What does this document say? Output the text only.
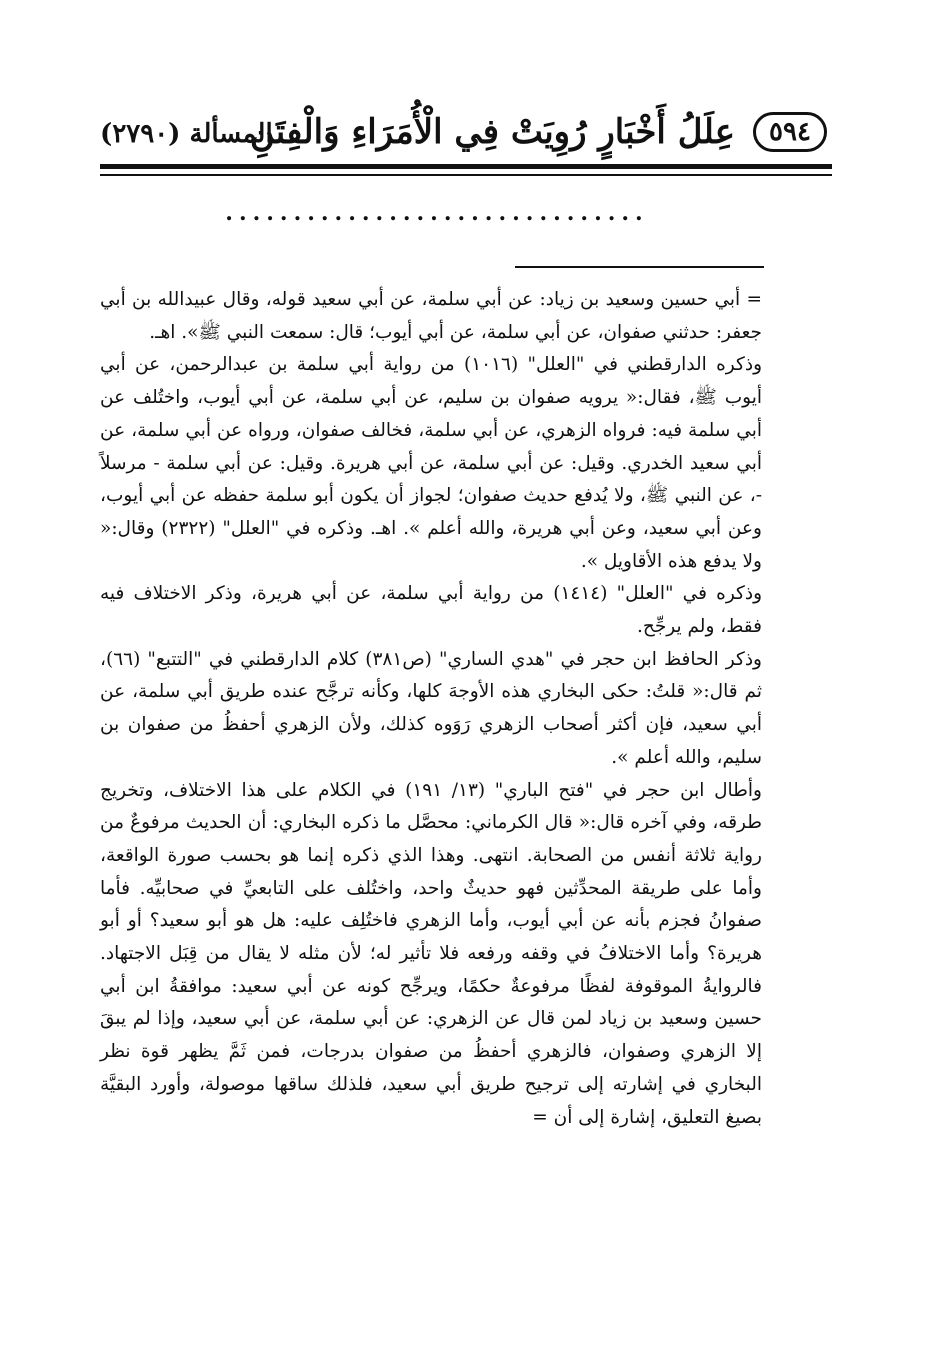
٥٩٤
عِلَلُ أَخْبَارٍ رُوِيَتْ فِي الْأُمَرَاءِ وَالْفِتَنِ
المسألة (٢٧٩٠)
...............................

= أبي حسين وسعيد بن زياد: عن أبي سلمة، عن أبي سعيد قوله، وقال عبيدالله بن أبي جعفر: حدثني صفوان، عن أبي سلمة، عن أبي أيوب؛ قال: سمعت النبي ﷺ». اهـ.

وذكره الدارقطني في "العلل" (١٠١٦) من رواية أبي سلمة بن عبدالرحمن، عن أبي أيوب ﷺ، فقال:« يرويه صفوان بن سليم، عن أبي سلمة، عن أبي أيوب، واختُلف عن أبي سلمة فيه: فرواه الزهري، عن أبي سلمة، فخالف صفوان، ورواه عن أبي سلمة، عن أبي سعيد الخدري. وقيل: عن أبي سلمة، عن أبي هريرة. وقيل: عن أبي سلمة - مرسلاً -، عن النبي ﷺ، ولا يُدفع حديث صفوان؛ لجواز أن يكون أبو سلمة حفظه عن أبي أيوب، وعن أبي سعيد، وعن أبي هريرة، والله أعلم ». اهـ. وذكره في "العلل" (٢٣٢٢) وقال:« ولا يدفع هذه الأقاويل ».

وذكره في "العلل" (١٤١٤) من رواية أبي سلمة، عن أبي هريرة، وذكر الاختلاف فيه فقط، ولم يرجِّح.

وذكر الحافظ ابن حجر في "هدي الساري" (ص٣٨١) كلام الدارقطني في "التتبع" (٦٦)، ثم قال:« قلتُ: حكى البخاري هذه الأوجهَ كلها، وكأنه ترجَّح عنده طريق أبي سلمة، عن أبي سعيد، فإن أكثر أصحاب الزهري رَوَوه كذلك، ولأن الزهري أحفظُ من صفوان بن سليم، والله أعلم ».

وأطال ابن حجر في "فتح الباري" (١٣/ ١٩١) في الكلام على هذا الاختلاف، وتخريج طرقه، وفي آخره قال:« قال الكرماني: محصَّل ما ذكره البخاري: أن الحديث مرفوعٌ من رواية ثلاثة أنفس من الصحابة. انتهى. وهذا الذي ذكره إنما هو بحسب صورة الواقعة، وأما على طريقة المحدِّثين فهو حديثٌ واحد، واختُلف على التابعيِّ في صحابيِّه. فأما صفوانُ فجزم بأنه عن أبي أيوب، وأما الزهري فاختُلِف عليه: هل هو أبو سعيد؟ أو أبو هريرة؟ وأما الاختلافُ في وقفه ورفعه فلا تأثير له؛ لأن مثله لا يقال من قِبَل الاجتهاد. فالروايةُ الموقوفة لفظًا مرفوعةٌ حكمًا، ويرجِّح كونه عن أبي سعيد: موافقةُ ابن أبي حسين وسعيد بن زياد لمن قال عن الزهري: عن أبي سلمة، عن أبي سعيد، وإذا لم يبقَ إلا الزهري وصفوان، فالزهري أحفظُ من صفوان بدرجات، فمن ثَمَّ يظهر قوة نظر البخاري في إشارته إلى ترجيح طريق أبي سعيد، فلذلك ساقها موصولة، وأورد البقيَّة بصيغ التعليق، إشارة إلى أن =
